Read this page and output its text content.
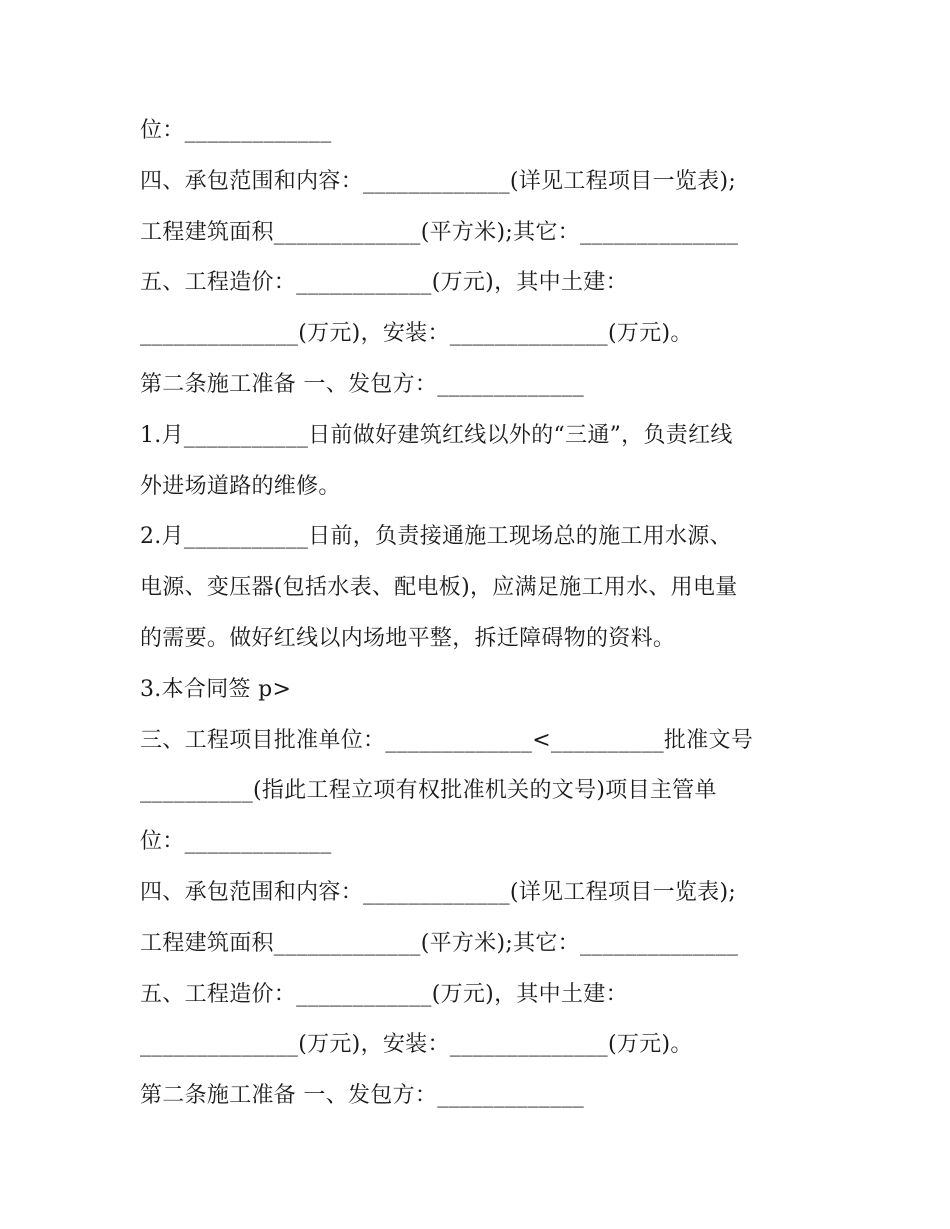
位：_____________
四、承包范围和内容：_____________(详见工程项目一览表);
工程建筑面积_____________(平方米);其它：______________
五、工程造价：____________(万元)，其中土建：
______________(万元)，安装：______________(万元)。
第二条施工准备 一、发包方：_____________
1.月___________日前做好建筑红线以外的“三通”，负责红线
外进场道路的维修。
2.月___________日前，负责接通施工现场总的施工用水源、
电源、变压器(包括水表、配电板)，应满足施工用水、用电量
的需要。做好红线以内场地平整，拆迁障碍物的资料。
3.本合同签 p>
三、工程项目批准单位：_____________<__________批准文号
__________(指此工程立项有权批准机关的文号)项目主管单
位：_____________
四、承包范围和内容：_____________(详见工程项目一览表);
工程建筑面积_____________(平方米);其它：______________
五、工程造价：____________(万元)，其中土建：
______________(万元)，安装：______________(万元)。
第二条施工准备 一、发包方：_____________
